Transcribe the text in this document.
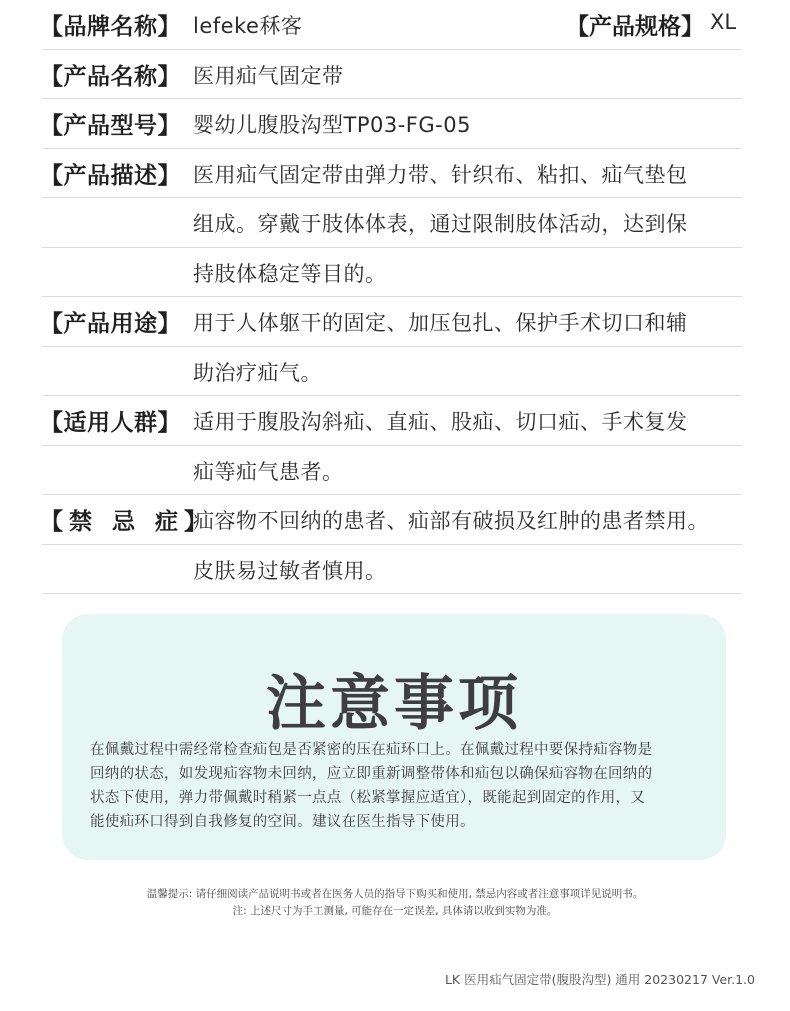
【品牌名称】 lefeke秝客	【产品规格】 XL
【产品名称】 医用疝气固定带
【产品型号】 婴幼儿腹股沟型TP03-FG-05
【产品描述】 医用疝气固定带由弹力带、针织布、粘扣、疝气垫包
组成。穿戴于肢体体表，通过限制肢体活动，达到保
持肢体稳定等目的。
【产品用途】 用于人体躯干的固定、加压包扎、保护手术切口和辅
助治疗疝气。
【适用人群】 适用于腹股沟斜疝、直疝、股疝、切口疝、手术复发
疝等疝气患者。
【禁 忌 症】
疝容物不回纳的患者、疝部有破损及红肿的患者禁用。
皮肤易过敏者慎用。
注意事项
在佩戴过程中需经常检查疝包是否紧密的压在疝环口上。在佩戴过程中要保持疝容物是
回纳的状态，如发现疝容物未回纳，应立即重新调整带体和疝包以确保疝容物在回纳的
状态下使用，弹力带佩戴时稍紧一点点（松紧掌握应适宜），既能起到固定的作用，又
能使疝环口得到自我修复的空间。建议在医生指导下使用。
温馨提示: 请仔细阅读产品说明书或者在医务人员的指导下购买和使用, 禁忌内容或者注意事项详见说明书。
注: 上述尺寸为手工测量, 可能存在一定误差, 具体请以收到实物为准。
LK 医用疝气固定带(腹股沟型) 通用 20230217 Ver.1.0
